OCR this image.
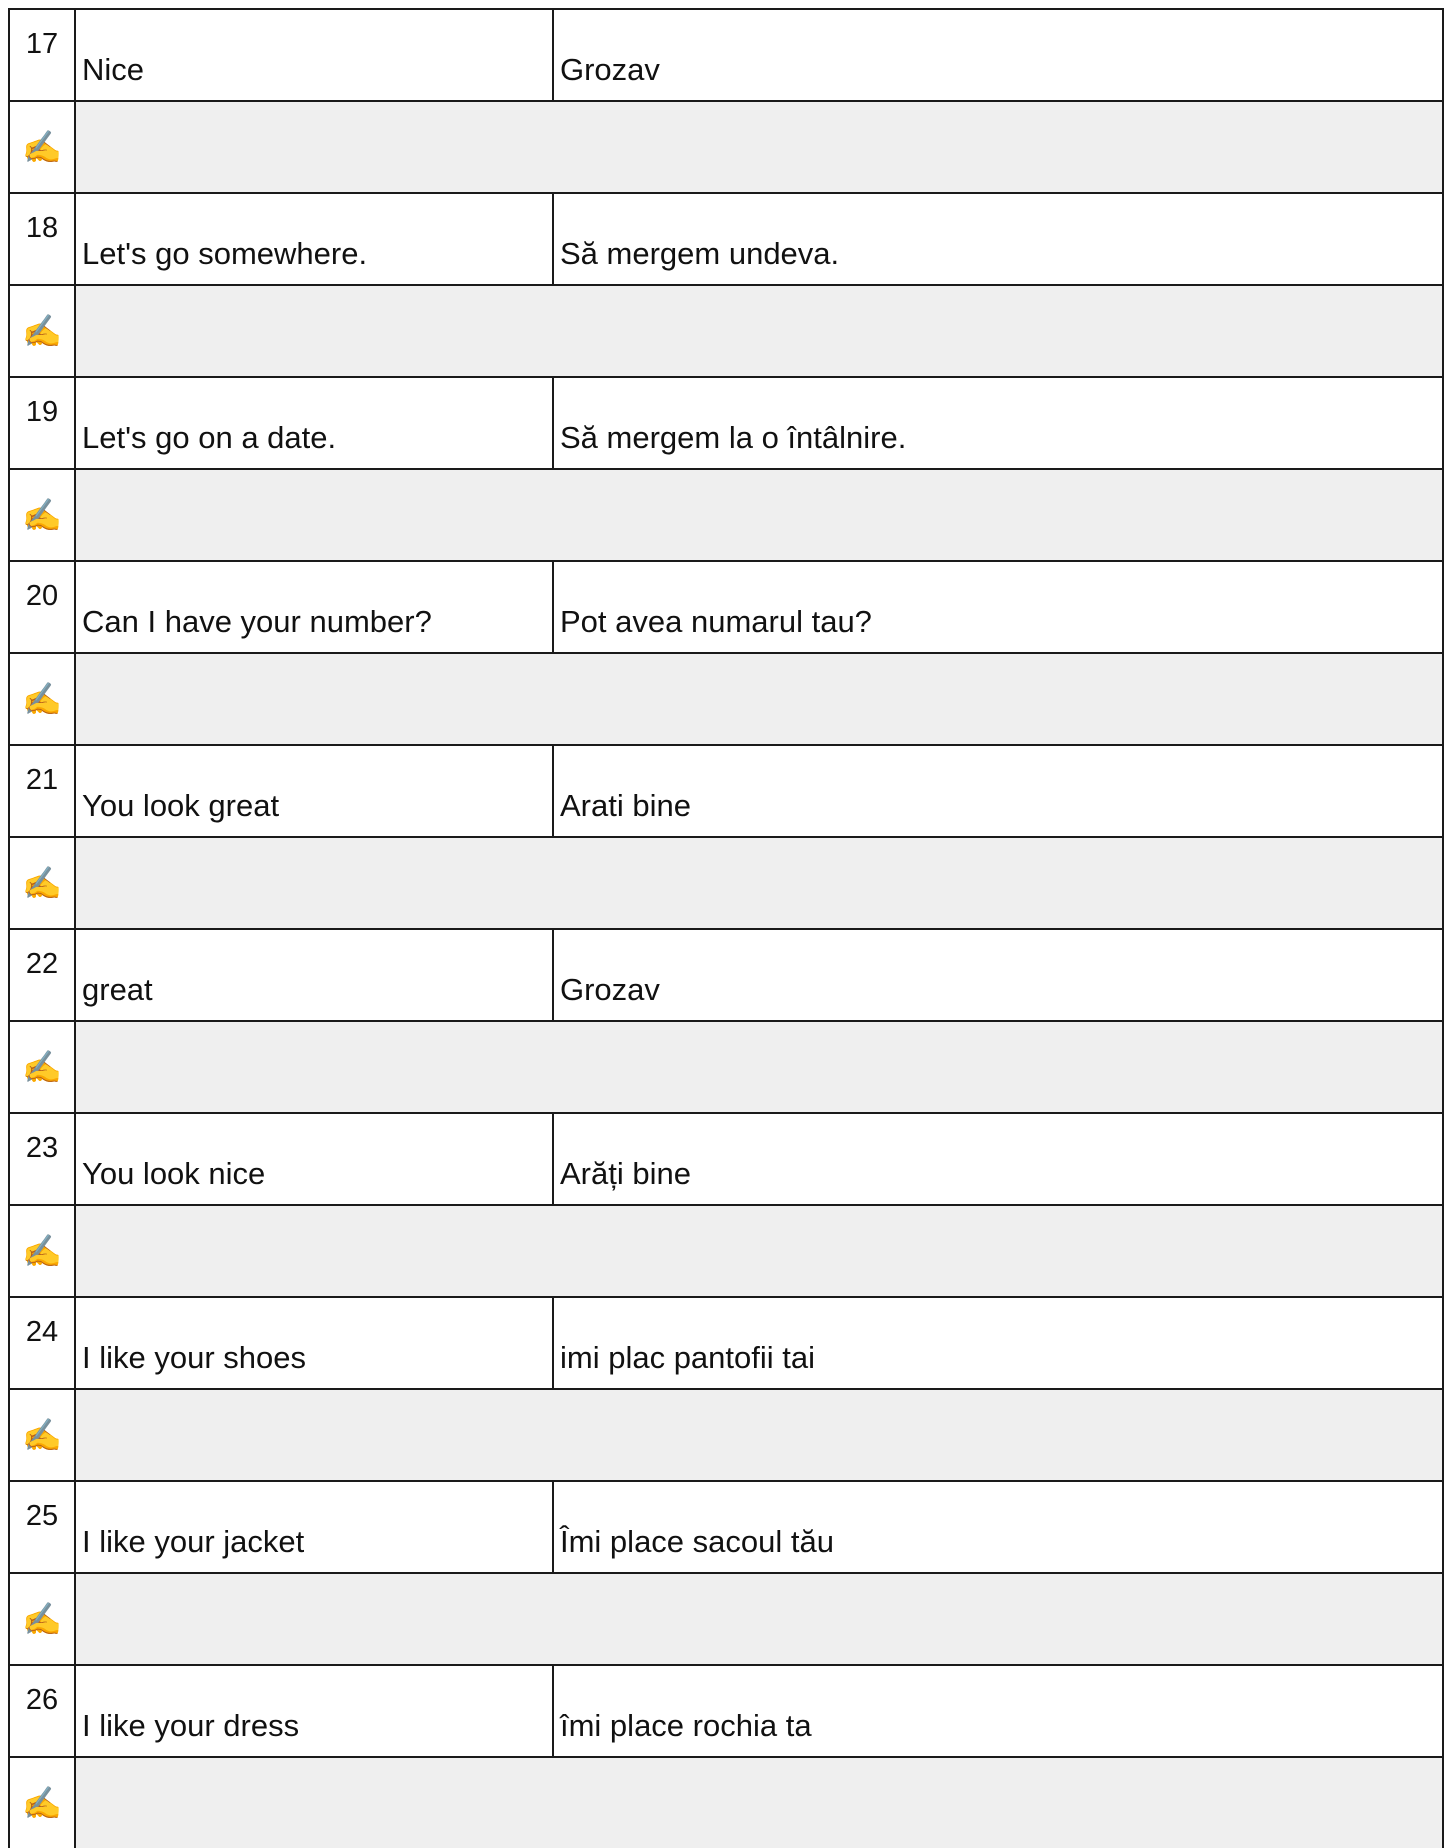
17	Nice	Grozav

✍️		

18	Let's go somewhere.	Să mergem undeva.

✍️		

19	Let's go on a date.	Să mergem la o întâlnire.

✍️		

20	Can I have your number?	Pot avea numarul tau?

✍️		

21	You look great	Arati bine

✍️		

22	great	Grozav

✍️		

23	You look nice	Arăți bine

✍️		

24	I like your shoes	imi plac pantofii tai

✍️		

25	I like your jacket	Îmi place sacoul tău

✍️		

26	I like your dress	îmi place rochia ta

✍️		
